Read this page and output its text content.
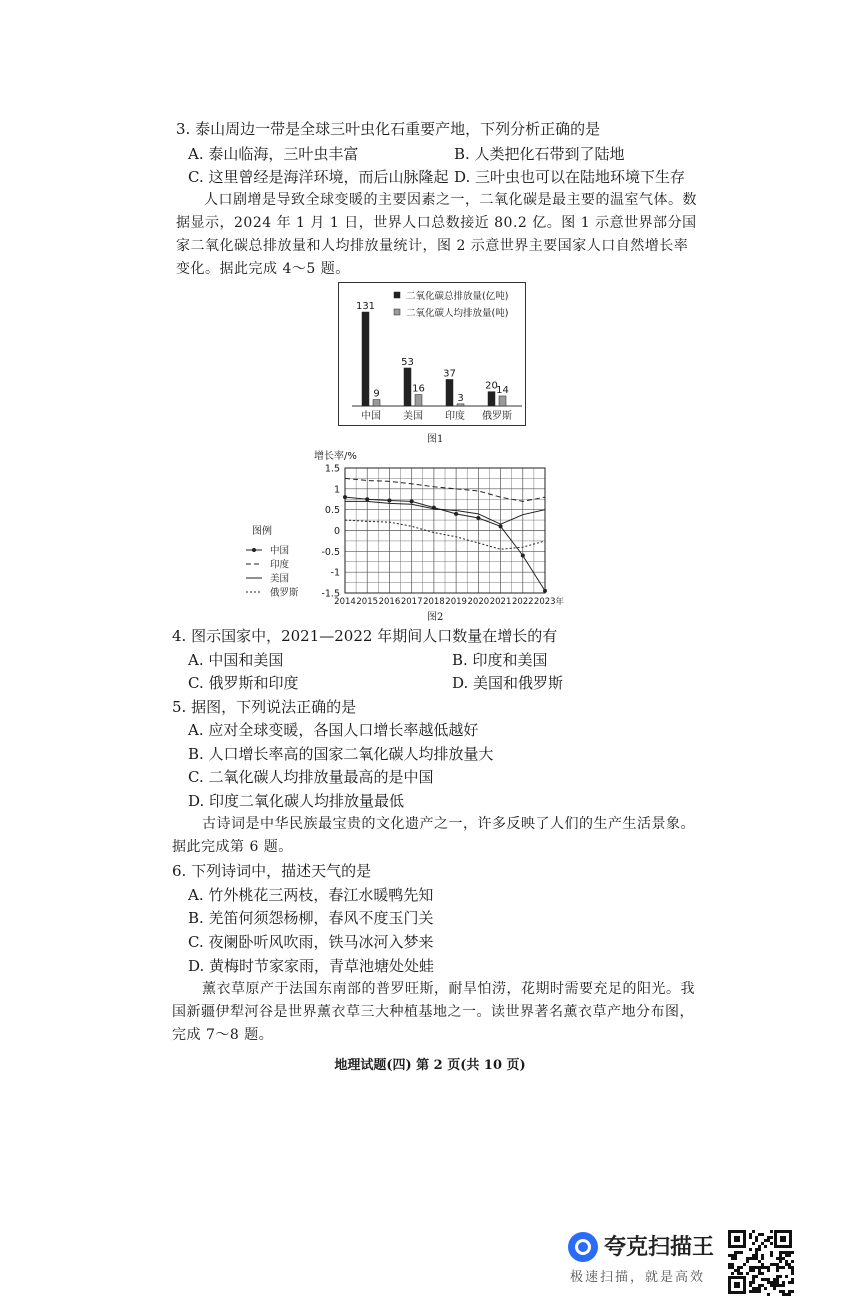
3. 泰山周边一带是全球三叶虫化石重要产地，下列分析正确的是
A. 泰山临海，三叶虫丰富	B. 人类把化石带到了陆地
C. 这里曾经是海洋环境，而后山脉隆起 D. 三叶虫也可以在陆地环境下生存
人口剧增是导致全球变暖的主要因素之一，二氧化碳是最主要的温室气体。数据显示，2024 年 1 月 1 日，世界人口总数接近 80.2 亿。图 1 示意世界部分国家二氧化碳总排放量和人均排放量统计，图 2 示意世界主要国家人口自然增长率变化。据此完成 4～5 题。
二氧化碳总排放量(亿吨)
二氧化碳人均排放量(吨)
131
9
中国
53
16
美国
37
3
印度
20
14
俄罗斯
图1
增长率/%
-1.5
-1
-0.5
0
0.5
1
1.5
2014 2015 2016 2017 2018 2019 2020 2021 2022 2023年
图例
中国
印度
美国
俄罗斯
图2
4. 图示国家中，2021—2022 年期间人口数量在增长的有
A. 中国和美国	B. 印度和美国
C. 俄罗斯和印度	D. 美国和俄罗斯
5. 据图，下列说法正确的是
A. 应对全球变暖，各国人口增长率越低越好
B. 人口增长率高的国家二氧化碳人均排放量大
C. 二氧化碳人均排放量最高的是中国
D. 印度二氧化碳人均排放量最低
古诗词是中华民族最宝贵的文化遗产之一，许多反映了人们的生产生活景象。据此完成第 6 题。
6. 下列诗词中，描述天气的是
A. 竹外桃花三两枝，春江水暖鸭先知
B. 羌笛何须怨杨柳，春风不度玉门关
C. 夜阑卧听风吹雨，铁马冰河入梦来
D. 黄梅时节家家雨，青草池塘处处蛙
薰衣草原产于法国东南部的普罗旺斯，耐旱怕涝，花期时需要充足的阳光。我国新疆伊犁河谷是世界薰衣草三大种植基地之一。读世界著名薰衣草产地分布图，完成 7～8 题。
地理试题(四) 第 2 页(共 10 页)
夸克扫描王
极速扫描，就是高效
